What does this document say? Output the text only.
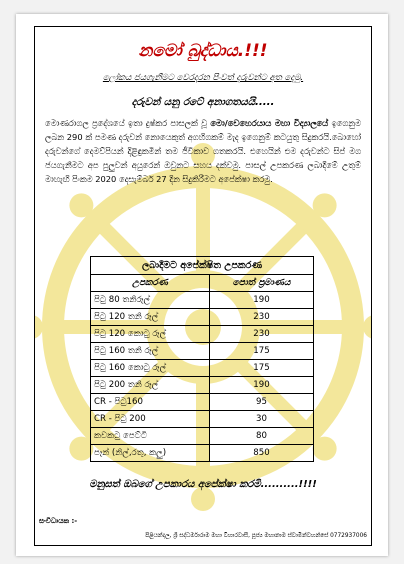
නමෝ බුද්ධාය.!!!
ලෝකය ජයගැනීමට වෙරදරන පිංවත් දරුවන්ට අත දෙමු.
දරුවන් යනු රටේ අනාගතයයි.....
මොණරාගල ප්‍රදේශයේ ඉතා දුෂ්කර පාසලක් වූ මො/වෙහෙරයාය මහා විද්‍යාලයේ ඉගෙනුම ලබන 290 ක් පමණ දරුවන් නොයෙකුත් අගහිගකම් මැද ඉගෙනුම් කටයුතු සිදුකරයි.බොහෝ දරුවන්ගේ දෙමව්පියන් දිළිඳුකමින් තම ජීවිකාව ගතකරයි. එහෙයින් එම දරුවන්ට සිප් මග ජයගැනීමට අප පුලුවන් අයුරෙන් ඔවුනට සහය දක්වමු. පාසල් උපකරණ ලබාදීමේ උතුම් මාහැඟි පිංකම 2020 දෙසැම්බර් 27 දින සිදුකිරීමට අපේක්ෂා කරමු.
ලබාදීමට අපේක්ෂිත උපකරණ	
උපකරණ	පොත් ප්‍රමාණය
පිටු 80 තනිරූල්	190
පිටු 120 තනි රූල්	230
පිටු 120 කොටු රූල්	230
පිටු 160 තනි රූල්	175
පිටු 160 කොටු රූල්	175
පිටු 200 තනි රූල්	190
CR - පිටු160	95
CR - පිටු 200	30
කවකටු පෙට්ටි	80
පෑන් (නිල්,රතු, කලු)	850
මනුසත් ඔබගේ උපකාරය අපේක්ෂා කරමි..........!!!!
සංවිධායක :-
පිළියන්දල, ශ්‍රී සද්ධර්මාරාම මහා විහාරවාසී, පූජ්‍ය මහානාම ස්වාමීන්වහන්සේ 0772937006
